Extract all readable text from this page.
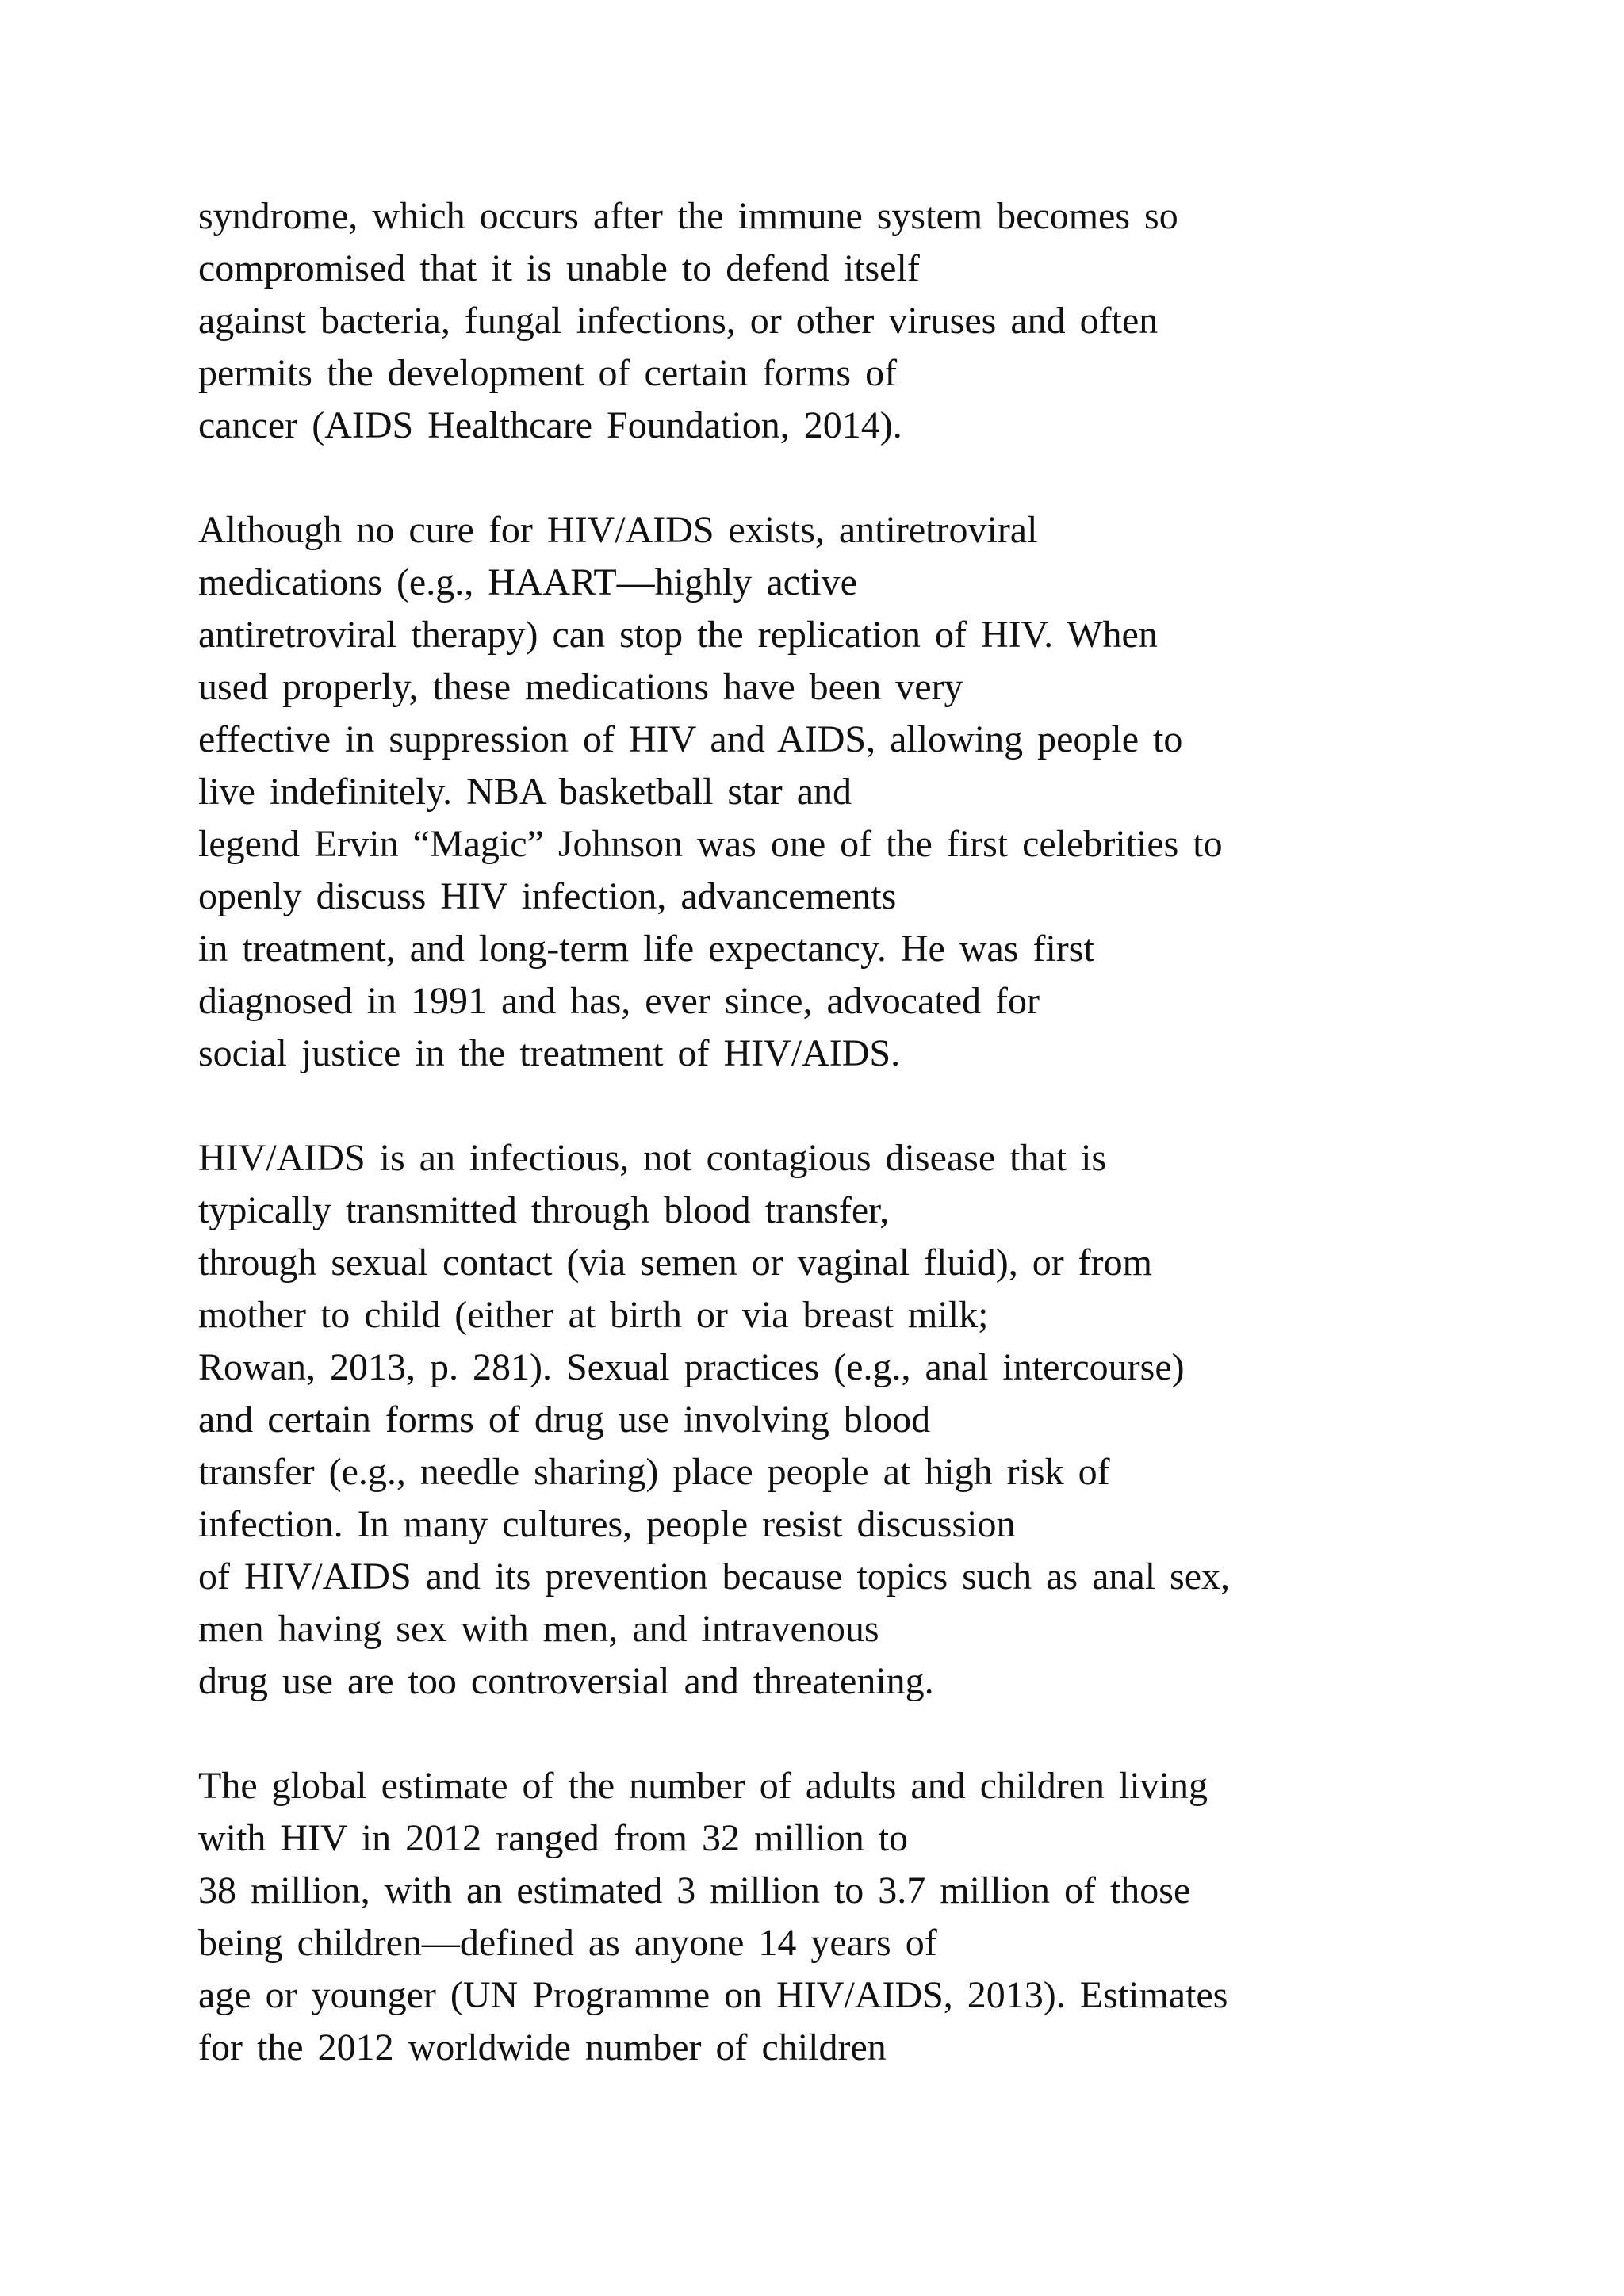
syndrome, which occurs after the immune system becomes so
compromised that it is unable to defend itself
against bacteria, fungal infections, or other viruses and often
permits the development of certain forms of
cancer (AIDS Healthcare Foundation, 2014).
Although no cure for HIV/AIDS exists, antiretroviral
medications (e.g., HAART—highly active
antiretroviral therapy) can stop the replication of HIV. When
used properly, these medications have been very
effective in suppression of HIV and AIDS, allowing people to
live indefinitely. NBA basketball star and
legend Ervin “Magic” Johnson was one of the first celebrities to
openly discuss HIV infection, advancements
in treatment, and long-term life expectancy. He was first
diagnosed in 1991 and has, ever since, advocated for
social justice in the treatment of HIV/AIDS.
HIV/AIDS is an infectious, not contagious disease that is
typically transmitted through blood transfer,
through sexual contact (via semen or vaginal fluid), or from
mother to child (either at birth or via breast milk;
Rowan, 2013, p. 281). Sexual practices (e.g., anal intercourse)
and certain forms of drug use involving blood
transfer (e.g., needle sharing) place people at high risk of
infection. In many cultures, people resist discussion
of HIV/AIDS and its prevention because topics such as anal sex,
men having sex with men, and intravenous
drug use are too controversial and threatening.
The global estimate of the number of adults and children living
with HIV in 2012 ranged from 32 million to
38 million, with an estimated 3 million to 3.7 million of those
being children—defined as anyone 14 years of
age or younger (UN Programme on HIV/AIDS, 2013). Estimates
for the 2012 worldwide number of children
